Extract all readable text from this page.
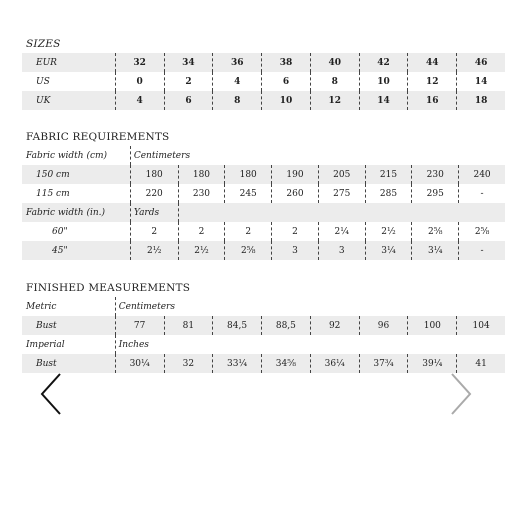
SIZES
EUR	32	34	36	38	40	42	44	46
US	0	2	4	6	8	10	12	14
UK	4	6	8	10	12	14	16	18
FABRIC REQUIREMENTS
Fabric width (cm)	Centimeters							
150 cm	180	180	180	190	205	215	230	240
115 cm	220	230	245	260	275	285	295	-
Fabric width (in.)	Yards							
60"	2	2	2	2	2¼	2½	2⅝	2⅝
45"	2½	2½	2⅝	3	3	3¼	3¼	-
FINISHED MEASUREMENTS
Metric	Centimeters							
Bust	77	81	84,5	88,5	92	96	100	104
Imperial	Inches							
Bust	30¼	32	33¼	34⅝	36¼	37¾	39¼	41
